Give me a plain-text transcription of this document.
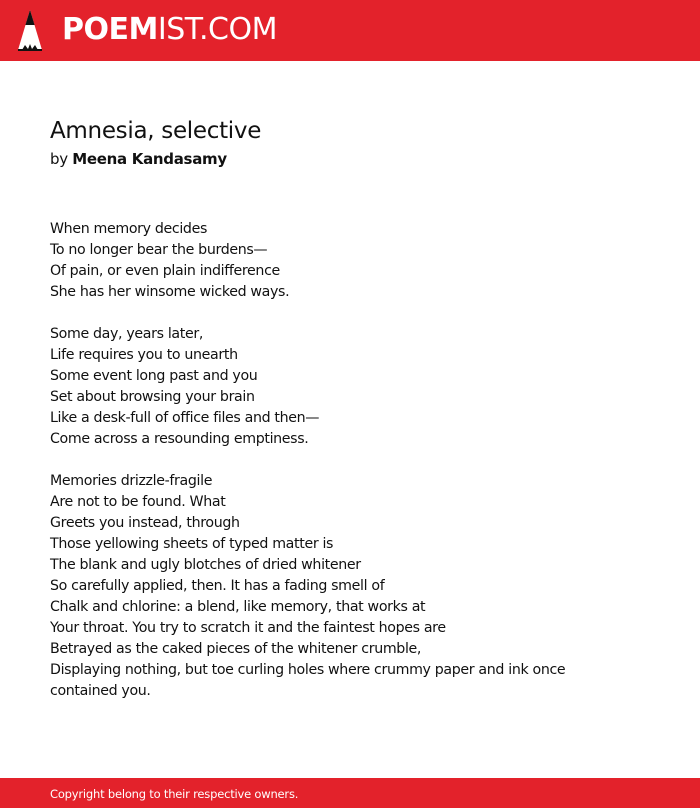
POEMIST.COM
Amnesia, selective
by Meena Kandasamy
When memory decides
To no longer bear the burdens—
Of pain, or even plain indifference
She has her winsome wicked ways.
Some day, years later,
Life requires you to unearth
Some event long past and you
Set about browsing your brain
Like a desk-full of office files and then—
Come across a resounding emptiness.
Memories drizzle-fragile
Are not to be found. What
Greets you instead, through
Those yellowing sheets of typed matter is
The blank and ugly blotches of dried whitener
So carefully applied, then. It has a fading smell of
Chalk and chlorine: a blend, like memory, that works at
Your throat. You try to scratch it and the faintest hopes are
Betrayed as the caked pieces of the whitener crumble,
Displaying nothing, but toe curling holes where crummy paper and ink once
contained you.
Copyright belong to their respective owners.
